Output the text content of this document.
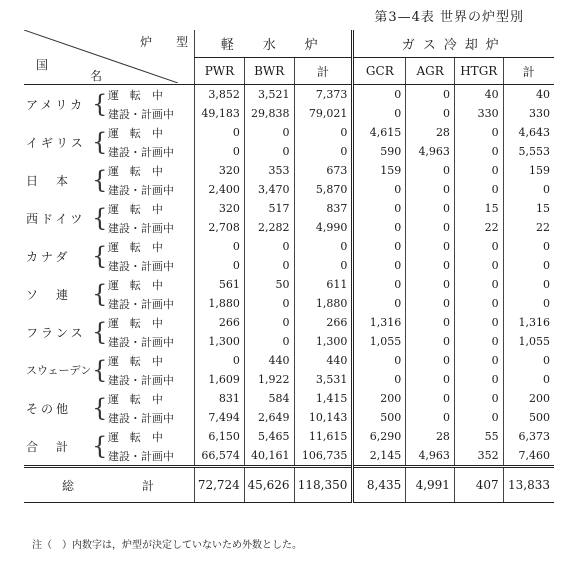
第3—4表 世界の炉型別
炉　　型
国
名			軽　水　炉			ガス冷却炉			
			PWR	BWR	計	GCR	AGR	HTGR	計
アメリカ	{	運　転　中	3,852	3,521	7,373	0	0	40	40
		建設・計画中	49,183	29,838	79,021	0	0	330	330
イギリス	{	運　転　中	0	0	0	4,615	28	0	4,643
		建設・計画中	0	0	0	590	4,963	0	5,553
日　本	{	運　転　中	320	353	673	159	0	0	159
		建設・計画中	2,400	3,470	5,870	0	0	0	0
西ドイツ	{	運　転　中	320	517	837	0	0	15	15
		建設・計画中	2,708	2,282	4,990	0	0	22	22
カナダ	{	運　転　中	0	0	0	0	0	0	0
		建設・計画中	0	0	0	0	0	0	0
ソ　連	{	運　転　中	561	50	611	0	0	0	0
		建設・計画中	1,880	0	1,880	0	0	0	0
フランス	{	運　転　中	266	0	266	1,316	0	0	1,316
		建設・計画中	1,300	0	1,300	1,055	0	0	1,055
スウェーデン	{	運　転　中	0	440	440	0	0	0	0
		建設・計画中	1,609	1,922	3,531	0	0	0	0
その他	{	運　転　中	831	584	1,415	200	0	0	200
		建設・計画中	7,494	2,649	10,143	500	0	0	500
合　計	{	運　転　中	6,150	5,465	11,615	6,290	28	55	6,373
		建設・計画中	66,574	40,161	106,735	2,145	4,963	352	7,460
総　　　　計			72,724	45,626	118,350	8,435	4,991	407	13,833
注（　）内数字は，炉型が決定していないため外数とした。
